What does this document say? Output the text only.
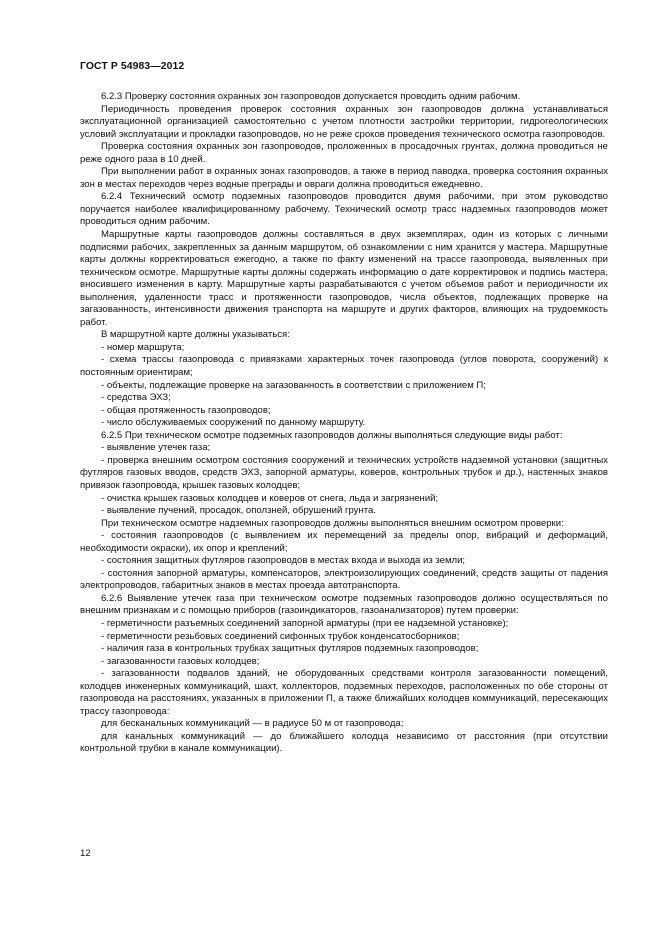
ГОСТ Р 54983—2012

6.2.3 Проверку состояния охранных зон газопроводов допускается проводить одним рабочим.

Периодичность проведения проверок состояния охранных зон газопроводов должна устанавливаться эксплуатационной организацией самостоятельно с учетом плотности застройки территории, гидрогеологических условий эксплуатации и прокладки газопроводов, но не реже сроков проведения технического осмотра газопроводов.

Проверка состояния охранных зон газопроводов, проложенных в просадочных грунтах, должна проводиться не реже одного раза в 10 дней.

При выполнении работ в охранных зонах газопроводов, а также в период паводка, проверка состояния охранных зон в местах переходов через водные преграды и овраги должна проводиться ежедневно.

6.2.4 Технический осмотр подземных газопроводов проводится двумя рабочими, при этом руководство поручается наиболее квалифицированному рабочему. Технический осмотр трасс надземных газопроводов может проводиться одним рабочим.

Маршрутные карты газопроводов должны составляться в двух экземплярах, один из которых с личными подписями рабочих, закрепленных за данным маршрутом, об ознакомлении с ним хранится у мастера. Маршрутные карты должны корректироваться ежегодно, а также по факту изменений на трассе газопровода, выявленных при техническом осмотре. Маршрутные карты должны содержать информацию о дате корректировок и подпись мастера, вносившего изменения в карту. Маршрутные карты разрабатываются с учетом объемов работ и периодичности их выполнения, удаленности трасс и протяженности газопроводов, числа объектов, подлежащих проверке на загазованность, интенсивности движения транспорта на маршруте и других факторов, влияющих на трудоемкость работ.

В маршрутной карте должны указываться:

- номер маршрута;

- схема трассы газопровода с привязками характерных точек газопровода (углов поворота, сооружений) к постоянным ориентирам;

- объекты, подлежащие проверке на загазованность в соответствии с приложением П;

- средства ЭХЗ;

- общая протяженность газопроводов;

- число обслуживаемых сооружений по данному маршруту.

6.2.5 При техническом осмотре подземных газопроводов должны выполняться следующие виды работ:

- выявление утечек газа;

- проверка внешним осмотром состояния сооружений и технических устройств надземной установки (защитных футляров газовых вводов, средств ЭХЗ, запорной арматуры, коверов, контрольных трубок и др.), настенных знаков привязок газопровода, крышек газовых колодцев;

- очистка крышек газовых колодцев и коверов от снега, льда и загрязнений;

- выявление пучений, просадок, оползней, обрушений грунта.

При техническом осмотре надземных газопроводов должны выполняться внешним осмотром проверки:

- состояния газопроводов (с выявлением их перемещений за пределы опор, вибраций и деформаций, необходимости окраски), их опор и креплений;

- состояния защитных футляров газопроводов в местах входа и выхода из земли;

- состояния запорной арматуры, компенсаторов, электроизолирующих соединений, средств защиты от падения электропроводов, габаритных знаков в местах проезда автотранспорта.

6.2.6 Выявление утечек газа при техническом осмотре подземных газопроводов должно осуществляться по внешним признакам и с помощью приборов (газоиндикаторов, газоанализаторов) путем проверки:

- герметичности разъемных соединений запорной арматуры (при ее надземной установке);

- герметичности резьбовых соединений сифонных трубок конденсатосборников;

- наличия газа в контрольных трубках защитных футляров подземных газопроводов;

- загазованности газовых колодцев;

- загазованности подвалов зданий, не оборудованных средствами контроля загазованности помещений, колодцев инженерных коммуникаций, шахт, коллекторов, подземных переходов, расположенных по обе стороны от газопровода на расстояниях, указанных в приложении П, а также ближайших колодцев коммуникаций, пересекающих трассу газопровода:

для бесканальных коммуникаций — в радиусе 50 м от газопровода;

для канальных коммуникаций — до ближайшего колодца независимо от расстояния (при отсутствии контрольной трубки в канале коммуникации).

12
